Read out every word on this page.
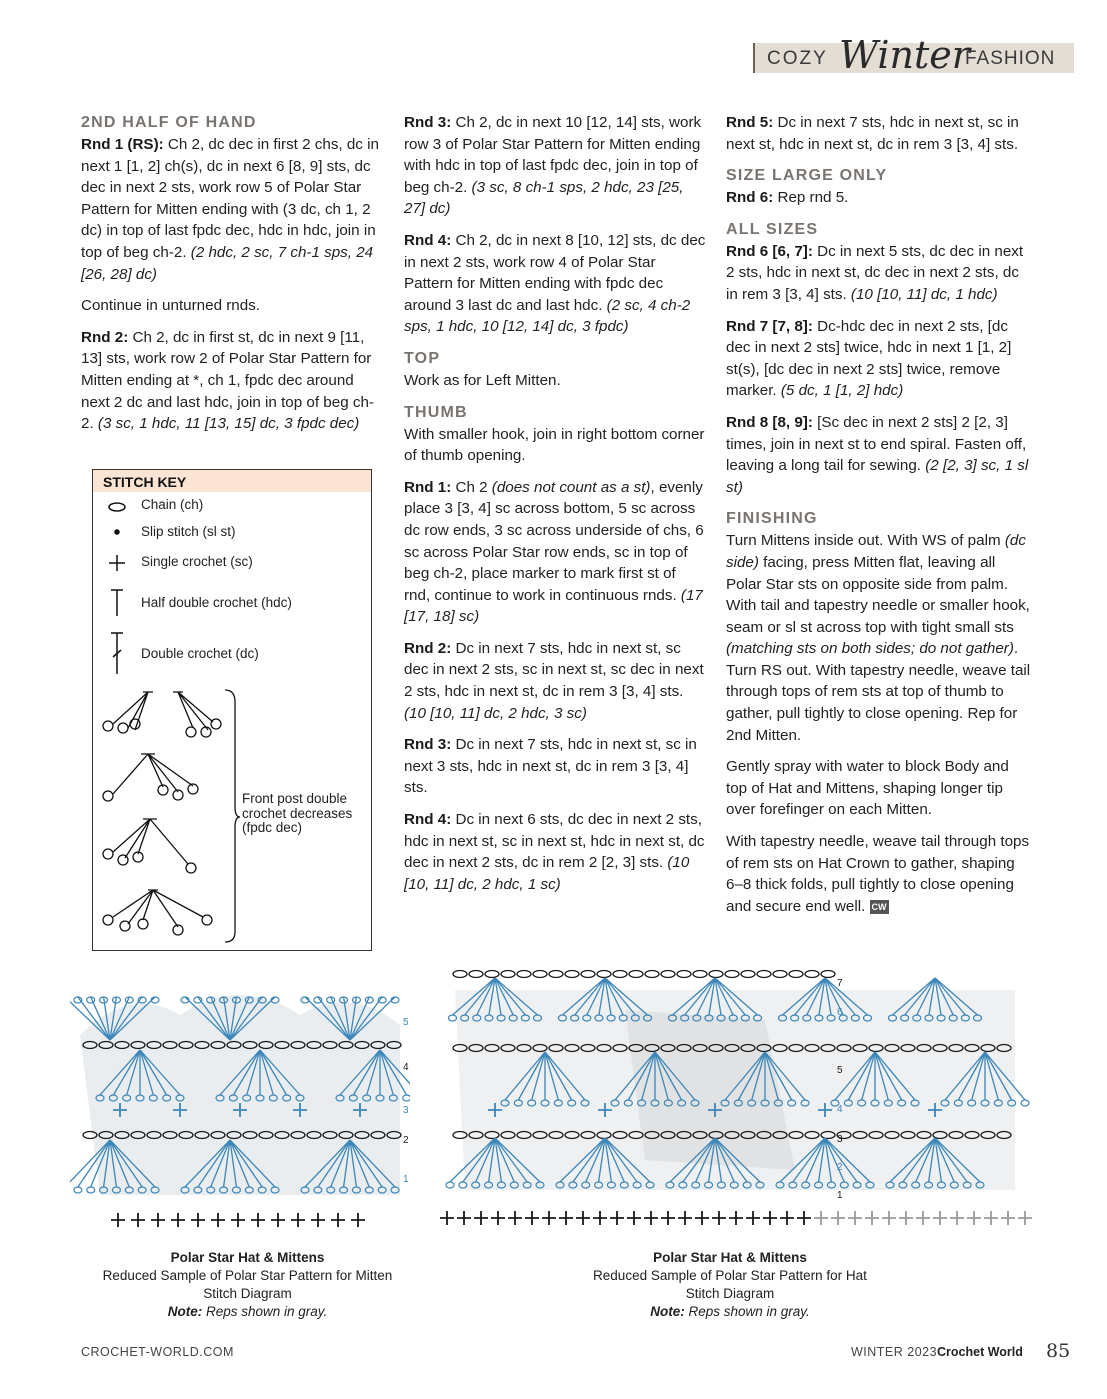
COZY Winter
FASHION
2ND HALF OF HAND

Rnd 1 (RS): Ch 2, dc dec in first 2 chs, dc in next 1 [1, 2] ch(s), dc in next 6 [8, 9] sts, dc dec in next 2 sts, work row 5 of Polar Star Pattern for Mitten ending with (3 dc, ch 1, 2 dc) in top of last fpdc dec, hdc in hdc, join in top of beg ch-2. (2 hdc, 2 sc, 7 ch-1 sps, 24 [26, 28] dc)

Continue in unturned rnds.

Rnd 2: Ch 2, dc in first st, dc in next 9 [11, 13] sts, work row 2 of Polar Star Pattern for Mitten ending at *, ch 1, fpdc dec around next 2 dc and last hdc, join in top of beg ch-2. (3 sc, 1 hdc, 11 [13, 15] dc, 3 fpdc dec)

STITCH KEY
Chain (ch)
Slip stitch (sl st)
Single crochet (sc)
Half double crochet (hdc)
Double crochet (dc)
Front post double crochet decreases (fpdc dec)

Rnd 3: Ch 2, dc in next 10 [12, 14] sts, work row 3 of Polar Star Pattern for Mitten ending with hdc in top of last fpdc dec, join in top of beg ch-2. (3 sc, 8 ch-1 sps, 2 hdc, 23 [25, 27] dc)

Rnd 4: Ch 2, dc in next 8 [10, 12] sts, dc dec in next 2 sts, work row 4 of Polar Star Pattern for Mitten ending with fpdc dec around 3 last dc and last hdc. (2 sc, 4 ch-2 sps, 1 hdc, 10 [12, 14] dc, 3 fpdc)

TOP

Work as for Left Mitten.

THUMB

With smaller hook, join in right bottom corner of thumb opening.

Rnd 1: Ch 2 (does not count as a st), evenly place 3 [3, 4] sc across bottom, 5 sc across dc row ends, 3 sc across underside of chs, 6 sc across Polar Star row ends, sc in top of beg ch-2, place marker to mark first st of rnd, continue to work in continuous rnds. (17 [17, 18] sc)

Rnd 2: Dc in next 7 sts, hdc in next st, sc dec in next 2 sts, sc in next st, sc dec in next 2 sts, hdc in next st, dc in rem 3 [3, 4] sts. (10 [10, 11] dc, 2 hdc, 3 sc)

Rnd 3: Dc in next 7 sts, hdc in next st, sc in next 3 sts, hdc in next st, dc in rem 3 [3, 4] sts.

Rnd 4: Dc in next 6 sts, dc dec in next 2 sts, hdc in next st, sc in next st, hdc in next st, dc dec in next 2 sts, dc in rem 2 [2, 3] sts. (10 [10, 11] dc, 2 hdc, 1 sc)

Rnd 5: Dc in next 7 sts, hdc in next st, sc in next st, hdc in next st, dc in rem 3 [3, 4] sts.

SIZE LARGE ONLY

Rnd 6: Rep rnd 5.

ALL SIZES

Rnd 6 [6, 7]: Dc in next 5 sts, dc dec in next 2 sts, hdc in next st, dc dec in next 2 sts, dc in rem 3 [3, 4] sts. (10 [10, 11] dc, 1 hdc)

Rnd 7 [7, 8]: Dc-hdc dec in next 2 sts, [dc dec in next 2 sts] twice, hdc in next 1 [1, 2] st(s), [dc dec in next 2 sts] twice, remove marker. (5 dc, 1 [1, 2] hdc)

Rnd 8 [8, 9]: [Sc dec in next 2 sts] 2 [2, 3] times, join in next st to end spiral. Fasten off, leaving a long tail for sewing. (2 [2, 3] sc, 1 sl st)

FINISHING

Turn Mittens inside out. With WS of palm (dc side) facing, press Mitten flat, leaving all Polar Star sts on opposite side from palm. With tail and tapestry needle or smaller hook, seam or sl st across top with tight small sts (matching sts on both sides; do not gather). Turn RS out. With tapestry needle, weave tail through tops of rem sts at top of thumb to gather, pull tightly to close opening. Rep for 2nd Mitten.

Gently spray with water to block Body and top of Hat and Mittens, shaping longer tip over forefinger on each Mitten.

With tapestry needle, weave tail through tops of rem sts on Hat Crown to gather, shaping 6–8 thick folds, pull tightly to close opening and secure end well. CW

5
4
3
2
1
7
6
5
4
3
2
1
Polar Star Hat & Mittens
Reduced Sample of Polar Star Pattern for Mitten
Stitch Diagram
Note: Reps shown in gray.
Polar Star Hat & Mittens
Reduced Sample of Polar Star Pattern for Hat
Stitch Diagram
Note: Reps shown in gray.
CROCHET-WORLD.COM	WINTER 2023 Crochet World 85
